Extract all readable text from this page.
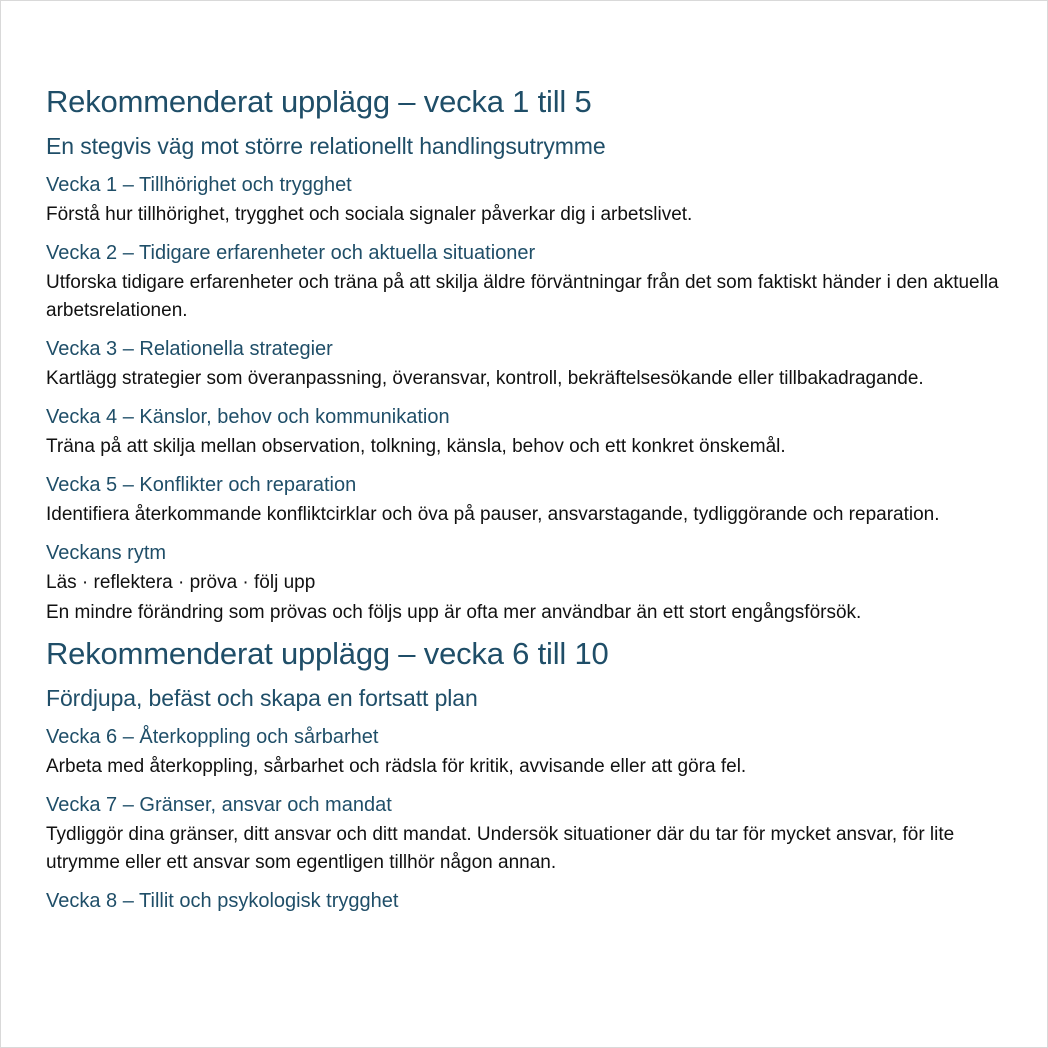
Rekommenderat upplägg – vecka 1 till 5
En stegvis väg mot större relationellt handlingsutrymme
Vecka 1 – Tillhörighet och trygghet

Förstå hur tillhörighet, trygghet och sociala signaler påverkar dig i arbetslivet.

Vecka 2 – Tidigare erfarenheter och aktuella situationer

Utforska tidigare erfarenheter och träna på att skilja äldre förväntningar från det som faktiskt händer i den aktuella arbetsrelationen.

Vecka 3 – Relationella strategier

Kartlägg strategier som överanpassning, överansvar, kontroll, bekräftelsesökande eller tillbakadragande.

Vecka 4 – Känslor, behov och kommunikation

Träna på att skilja mellan observation, tolkning, känsla, behov och ett konkret önskemål.

Vecka 5 – Konflikter och reparation

Identifiera återkommande konfliktcirklar och öva på pauser, ansvarstagande, tydliggörande och reparation.

Veckans rytm

Läs · reflektera · pröva · följ upp

En mindre förändring som prövas och följs upp är ofta mer användbar än ett stort engångsförsök.

Rekommenderat upplägg – vecka 6 till 10
Fördjupa, befäst och skapa en fortsatt plan
Vecka 6 – Återkoppling och sårbarhet

Arbeta med återkoppling, sårbarhet och rädsla för kritik, avvisande eller att göra fel.

Vecka 7 – Gränser, ansvar och mandat

Tydliggör dina gränser, ditt ansvar och ditt mandat. Undersök situationer där du tar för mycket ansvar, för lite utrymme eller ett ansvar som egentligen tillhör någon annan.

Vecka 8 – Tillit och psykologisk trygghet
